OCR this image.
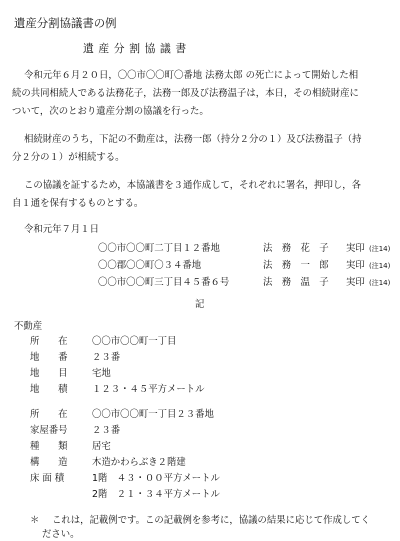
遺産分割協議書の例
遺産分割協議書
令和元年６月２０日，〇〇市〇〇町〇番地 法務太郎 の死亡によって開始した相
続の共同相続人である法務花子，法務一郎及び法務温子は，本日，その相続財産に
ついて，次のとおり遺産分割の協議を行った。
相続財産のうち，下記の不動産は，法務一郎（持分２分の１）及び法務温子（持
分２分の１）が相続する。
この協議を証するため，本協議書を３通作成して，それぞれに署名，押印し，各
自１通を保有するものとする。
令和元年７月１日
〇〇市〇〇町二丁目１２番地	法　務　花　子 実印 (注14)
〇〇郡〇〇町〇３４番地	法　務　一　郎 実印 (注14)
〇〇市〇〇町三丁目４５番６号	法　務　温　子 実印 (注14)
記
不動産
所　　在	〇〇市〇〇町一丁目
地　　番	２３番
地　　目	宅地
地　　積	１２３・４５平方メートル
所　　在	〇〇市〇〇町一丁目２３番地
家屋番号	２３番
種　　類	居宅
構　　造	木造かわらぶき２階建
床 面 積	1階　４３・００平方メートル
2階　２１・３４平方メートル
＊ これは，記載例です。この記載例を参考に，協議の結果に応じて作成してく
ださい。
